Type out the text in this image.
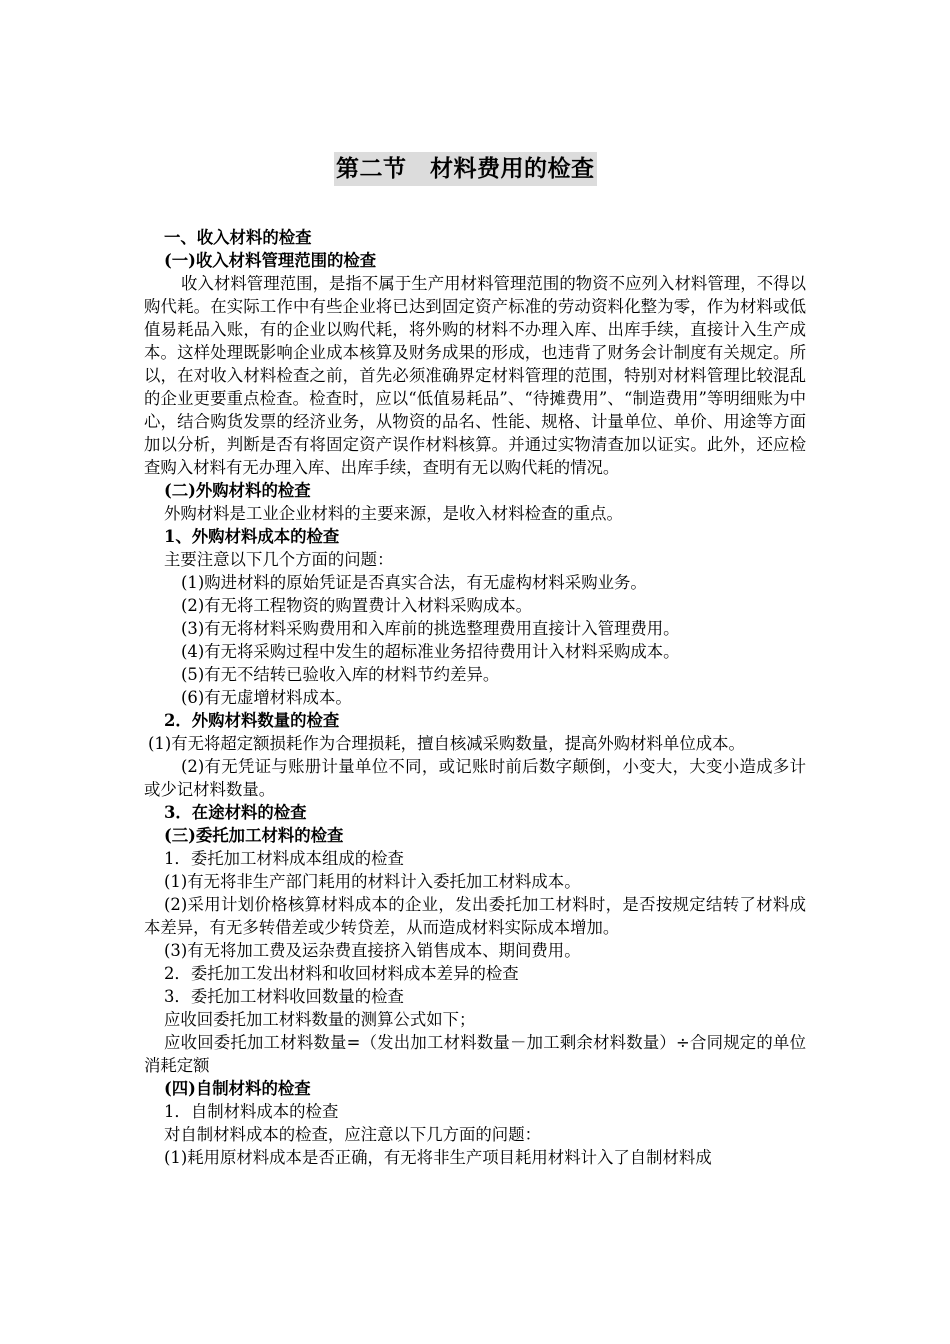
第二节　材料费用的检查

一、收入材料的检查

(一)收入材料管理范围的检查

收入材料管理范围，是指不属于生产用材料管理范围的物资不应列入材料管理，不得以购代耗。在实际工作中有些企业将已达到固定资产标准的劳动资料化整为零，作为材料或低值易耗品入账，有的企业以购代耗，将外购的材料不办理入库、出库手续，直接计入生产成本。这样处理既影响企业成本核算及财务成果的形成，也违背了财务会计制度有关规定。所以，在对收入材料检查之前，首先必须准确界定材料管理的范围，特别对材料管理比较混乱的企业更要重点检查。检查时，应以“低值易耗品”、“待摊费用”、“制造费用”等明细账为中心，结合购货发票的经济业务，从物资的品名、性能、规格、计量单位、单价、用途等方面加以分析，判断是否有将固定资产误作材料核算。并通过实物清查加以证实。此外，还应检查购入材料有无办理入库、出库手续，查明有无以购代耗的情况。

(二)外购材料的检查

外购材料是工业企业材料的主要来源，是收入材料检查的重点。

1、外购材料成本的检查

主要注意以下几个方面的问题：

(1)购进材料的原始凭证是否真实合法，有无虚构材料采购业务。

(2)有无将工程物资的购置费计入材料采购成本。

(3)有无将材料采购费用和入库前的挑选整理费用直接计入管理费用。

(4)有无将采购过程中发生的超标准业务招待费用计入材料采购成本。

(5)有无不结转已验收入库的材料节约差异。

(6)有无虚增材料成本。

2．外购材料数量的检查

(1)有无将超定额损耗作为合理损耗，擅自核减采购数量，提高外购材料单位成本。

(2)有无凭证与账册计量单位不同，或记账时前后数字颠倒，小变大，大变小造成多计或少记材料数量。

3．在途材料的检查

(三)委托加工材料的检查

1．委托加工材料成本组成的检查

(1)有无将非生产部门耗用的材料计入委托加工材料成本。

(2)采用计划价格核算材料成本的企业，发出委托加工材料时，是否按规定结转了材料成本差异，有无多转借差或少转贷差，从而造成材料实际成本增加。

(3)有无将加工费及运杂费直接挤入销售成本、期间费用。

2．委托加工发出材料和收回材料成本差异的检查

3．委托加工材料收回数量的检查

应收回委托加工材料数量的测算公式如下；

应收回委托加工材料数量=（发出加工材料数量－加工剩余材料数量）÷合同规定的单位消耗定额

(四)自制材料的检查

1．自制材料成本的检查

对自制材料成本的检查，应注意以下几方面的问题：

(1)耗用原材料成本是否正确，有无将非生产项目耗用材料计入了自制材料成
